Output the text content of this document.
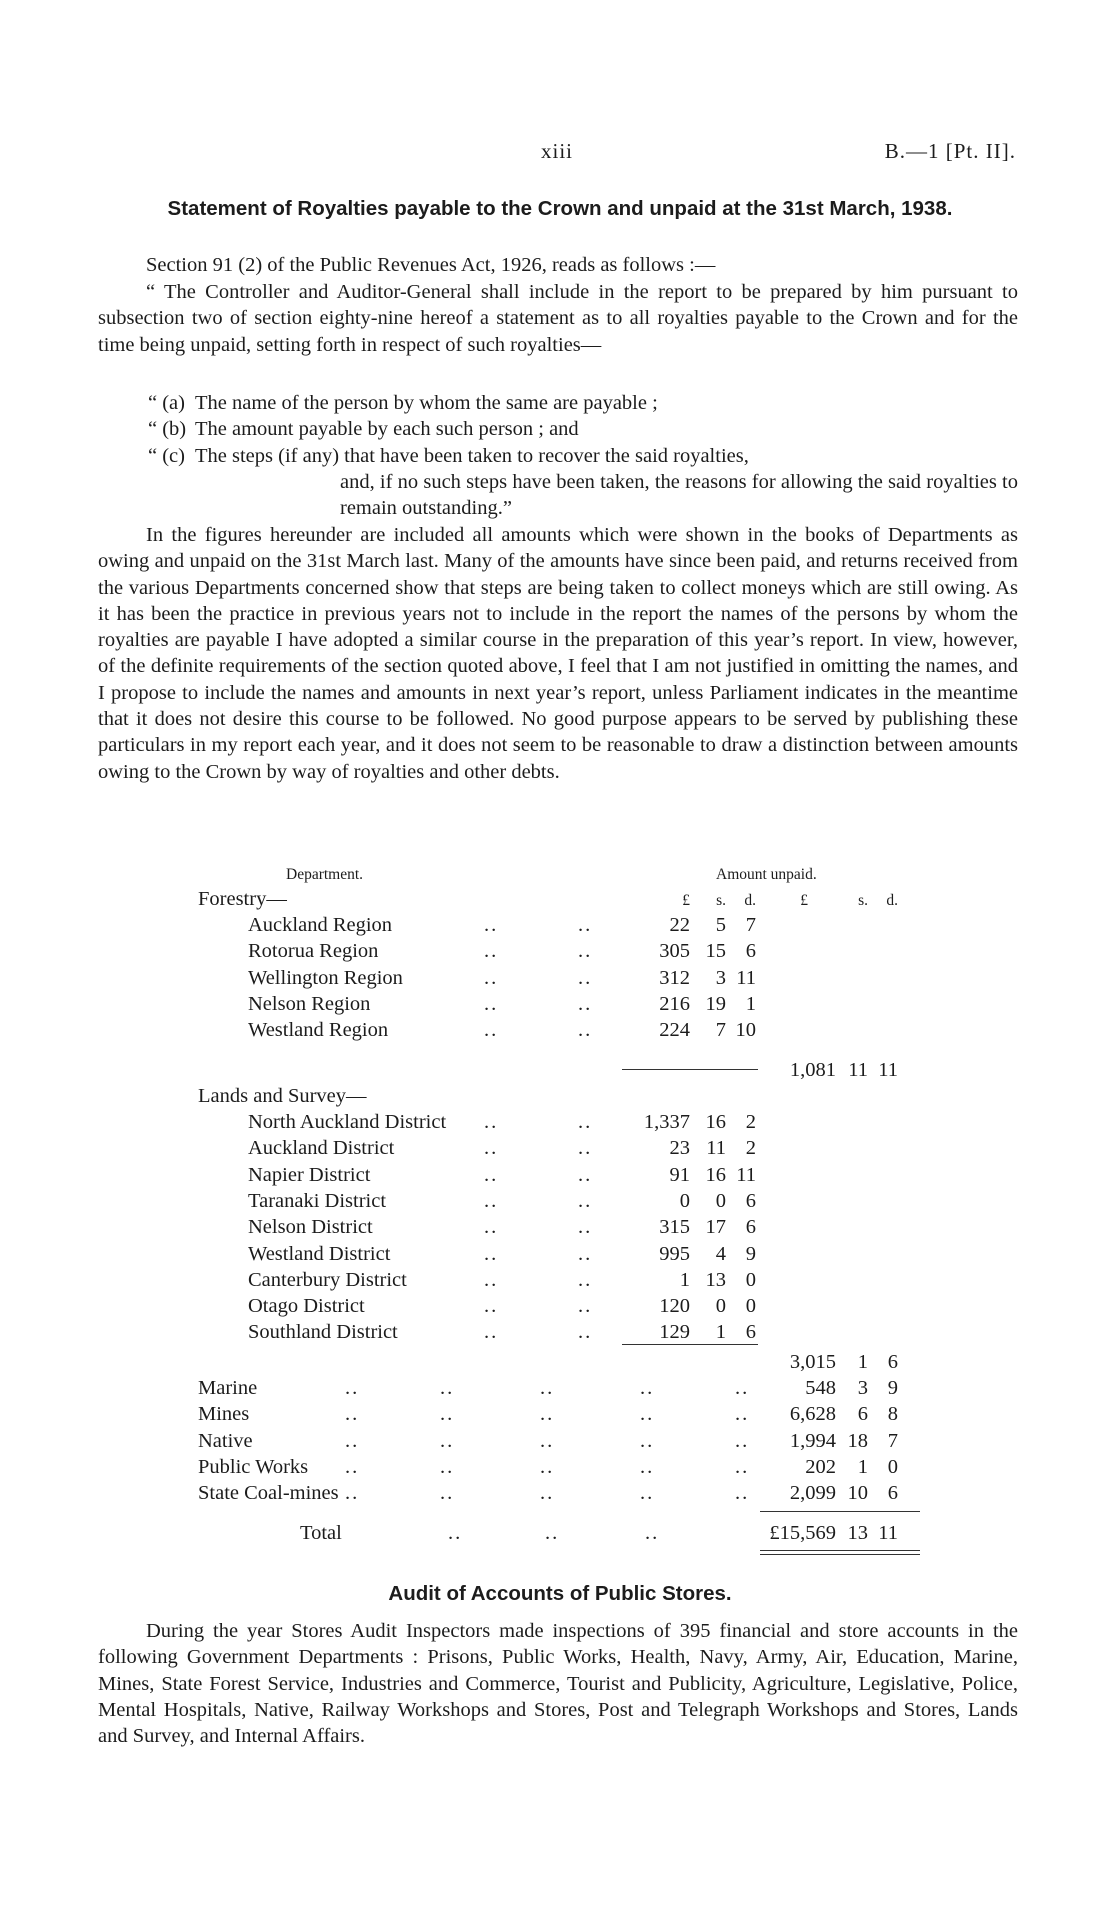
xiii	B.—1 [Pt. II].
Statement of Royalties payable to the Crown and unpaid at the 31st March, 1938.

Section 91 (2) of the Public Revenues Act, 1926, reads as follows :—

“ The Controller and Auditor-General shall include in the report to be prepared by him pursuant to subsection two of section eighty-nine hereof a statement as to all royalties payable to the Crown and for the time being unpaid, setting forth in respect of such royalties—

“ (a) The name of the person by whom the same are payable ;
“ (b) The amount payable by each such person ; and
“ (c) The steps (if any) that have been taken to recover the said royalties,
and, if no such steps have been taken, the reasons for allowing the said royalties to remain outstanding.”

In the figures hereunder are included all amounts which were shown in the books of Departments as owing and unpaid on the 31st March last. Many of the amounts have since been paid, and returns received from the various Departments concerned show that steps are being taken to collect moneys which are still owing. As it has been the practice in previous years not to include in the report the names of the persons by whom the royalties are payable I have adopted a similar course in the preparation of this year’s report. In view, however, of the definite requirements of the section quoted above, I feel that I am not justified in omitting the names, and I propose to include the names and amounts in next year’s report, unless Parliament indicates in the meantime that it does not desire this course to be followed. No good purpose appears to be served by publishing these particulars in my report each year, and it does not seem to be reasonable to draw a distinction between amounts owing to the Crown by way of royalties and other debts.

Department.	Amount unpaid.
Forestry—	£	s.	d.	£	s.	d.
Auckland Region	..	..	22	5 7
Rotorua Region	..	..	305 15 6
Wellington Region	..	..	312	3 11
Nelson Region	..	..	216 19 1
Westland Region	..	..	224	7 10
1,081 11 11
Lands and Survey—
North Auckland District ..	..	1,337 16 2
Auckland District	..	..	23 11 2
Napier District	..	..	91 16 11
Taranaki District	..	..	0	0 6
Nelson District	..	..	315 17 6
Westland District	..	..	995	4 9
Canterbury District	..	..	1 13 0
Otago District	..	..	120	0 0
Southland District	..	..	129	1 6
3,015	1 6
Marine	..	..	..	..	..	548	3 9
Mines	..	..	..	..	..	6,628	6 8
Native	..	..	..	..	..	1,994 18 7
Public Works ..	..	..	..	..	202	1 0
State Coal-mines ..	..	..	..	..	2,099 10 6
Total	..	..	..	£15,569 13 11
Audit of Accounts of Public Stores.

During the year Stores Audit Inspectors made inspections of 395 financial and store accounts in the following Government Departments : Prisons, Public Works, Health, Navy, Army, Air, Education, Marine, Mines, State Forest Service, Industries and Commerce, Tourist and Publicity, Agriculture, Legislative, Police, Mental Hospitals, Native, Railway Workshops and Stores, Post and Telegraph Workshops and Stores, Lands and Survey, and Internal Affairs.
